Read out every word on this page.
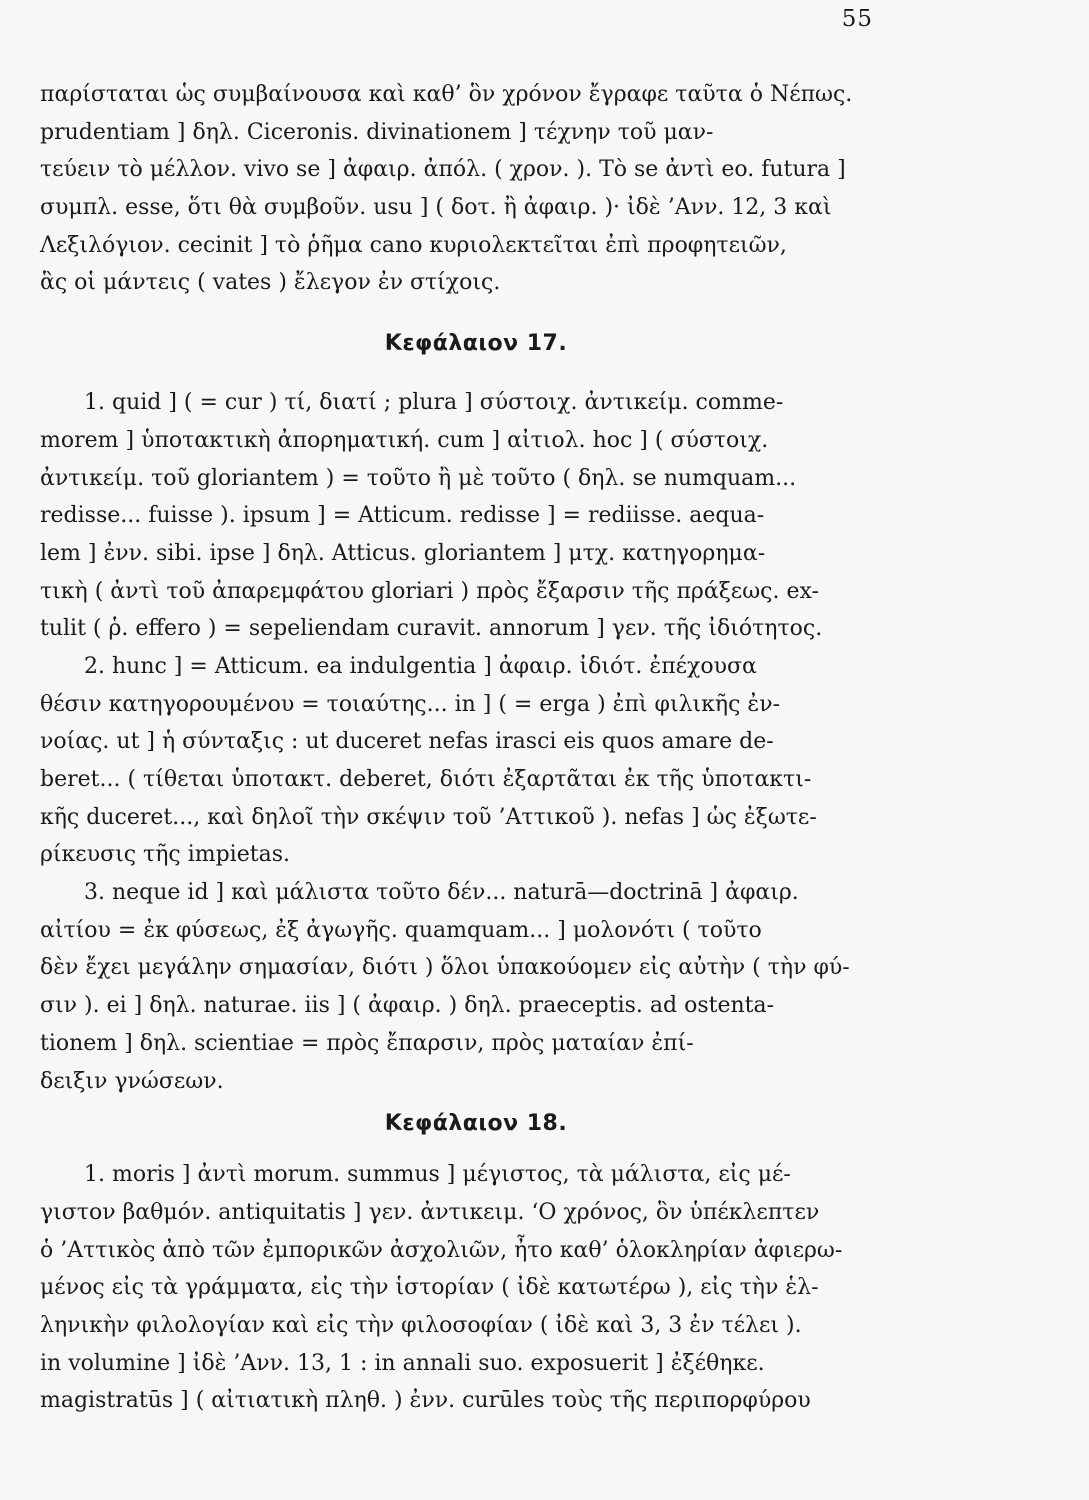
55
παρίσταται ὡς συμβαίνουσα καὶ καθ’ ὃν χρόνον ἔγραφε ταῦτα ὁ Νέπως.
prudentiam ] δηλ. Ciceronis. divinationem ] τέχνην τοῦ μαν-
τεύειν τὸ μέλλον. vivo se ] ἀφαιρ. ἀπόλ. ( χρον. ). Τὸ se ἀντὶ eo. futura ]
συμπλ. esse, ὅτι θὰ συμβοῦν. usu ] ( δοτ. ἢ ἀφαιρ. )· ἰδὲ ’Ανν. 12, 3 καὶ
Λεξιλόγιον. cecinit ] τὸ ῥῆμα cano κυριολεκτεῖται ἐπὶ προφητειῶν,
ἃς οἱ μάντεις ( vates ) ἔλεγον ἐν στίχοις.
Κεφάλαιον 17.
1. quid ] ( = cur ) τί, διατί ; plura ] σύστοιχ. ἀντικείμ. comme-
morem ] ὑποτακτικὴ ἀπορηματική. cum ] αἰτιολ. hoc ] ( σύστοιχ.
ἀντικείμ. τοῦ gloriantem ) = τοῦτο ἢ μὲ τοῦτο ( δηλ. se numquam...
redisse... fuisse ). ipsum ] = Atticum. redisse ] = rediisse. aequa-
lem ] ἐνν. sibi. ipse ] δηλ. Atticus. gloriantem ] μτχ. κατηγορημα-
τικὴ ( ἀντὶ τοῦ ἀπαρεμφάτου gloriari ) πρὸς ἔξαρσιν τῆς πράξεως. ex-
tulit ( ῥ. effero ) = sepeliendam curavit. annorum ] γεν. τῆς ἰδιότητος.
2. hunc ] = Atticum. ea indulgentia ] ἀφαιρ. ἰδιότ. ἐπέχουσα
θέσιν κατηγορουμένου = τοιαύτης... in ] ( = erga ) ἐπὶ φιλικῆς ἐν-
νοίας. ut ] ἡ σύνταξις : ut duceret nefas irasci eis quos amare de-
beret... ( τίθεται ὑποτακτ. deberet, διότι ἐξαρτᾶται ἐκ τῆς ὑποτακτι-
κῆς duceret..., καὶ δηλοῖ τὴν σκέψιν τοῦ ’Αττικοῦ ). nefas ] ὡς ἐξωτε-
ρίκευσις τῆς impietas.
3. neque id ] καὶ μάλιστα τοῦτο δέν... naturā—doctrinā ] ἀφαιρ.
αἰτίου = ἐκ φύσεως, ἐξ ἀγωγῆς. quamquam... ] μολονότι ( τοῦτο
δὲν ἔχει μεγάλην σημασίαν, διότι ) ὅλοι ὑπακούομεν εἰς αὐτὴν ( τὴν φύ-
σιν ). ei ] δηλ. naturae. iis ] ( ἀφαιρ. ) δηλ. praeceptis. ad ostenta-
tionem ] δηλ. scientiae = πρὸς ἔπαρσιν, πρὸς ματαίαν ἐπί-
δειξιν γνώσεων.
Κεφάλαιον 18.
1. moris ] ἀντὶ morum. summus ] μέγιστος, τὰ μάλιστα, εἰς μέ-
γιστον βαθμόν. antiquitatis ] γεν. ἀντικειμ. ‘Ο χρόνος, ὃν ὑπέκλεπτεν
ὁ ’Αττικὸς ἀπὸ τῶν ἐμπορικῶν ἀσχολιῶν, ἦτο καθ’ ὁλοκληρίαν ἀφιερω-
μένος εἰς τὰ γράμματα, εἰς τὴν ἱστορίαν ( ἰδὲ κατωτέρω ), εἰς τὴν ἑλ-
ληνικὴν φιλολογίαν καὶ εἰς τὴν φιλοσοφίαν ( ἰδὲ καὶ 3, 3 ἐν τέλει ).
in volumine ] ἰδὲ ’Ανν. 13, 1 : in annali suo. exposuerit ] ἐξέθηκε.
magistratūs ] ( αἰτιατικὴ πληθ. ) ἐνν. curūles τοὺς τῆς περιπορφύρου
